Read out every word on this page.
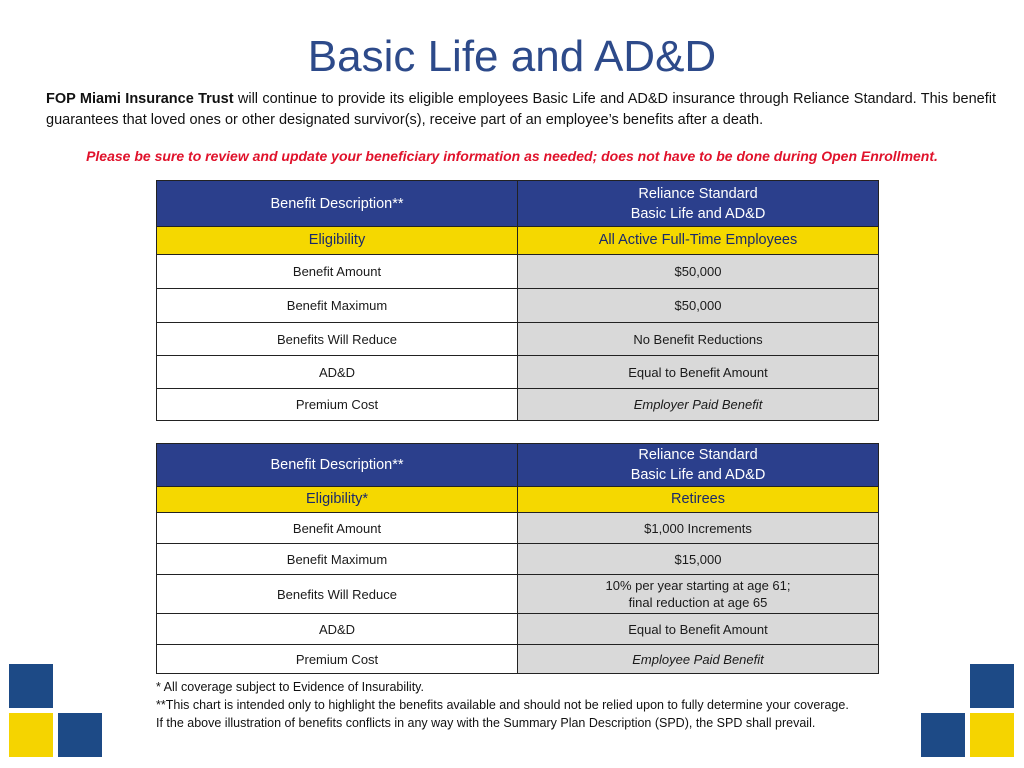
Basic Life and AD&D
FOP Miami Insurance Trust will continue to provide its eligible employees Basic Life and AD&D insurance through Reliance Standard. This benefit guarantees that loved ones or other designated survivor(s), receive part of an employee’s benefits after a death.
Please be sure to review and update your beneficiary information as needed; does not have to be done during Open Enrollment.
Benefit Description**	Reliance Standard
Basic Life and AD&D

Eligibility	All Active Full-Time Employees
Benefit Amount	$50,000
Benefit Maximum	$50,000
Benefits Will Reduce	No Benefit Reductions
AD&D	Equal to Benefit Amount
Premium Cost	Employer Paid Benefit
Benefit Description**	Reliance Standard
Basic Life and AD&D

Eligibility*	Retirees
Benefit Amount	$1,000 Increments
Benefit Maximum	$15,000
Benefits Will Reduce	10% per year starting at age 61;
final reduction at age 65

AD&D	Equal to Benefit Amount
Premium Cost	Employee Paid Benefit
* All coverage subject to Evidence of Insurability.
**This chart is intended only to highlight the benefits available and should not be relied upon to fully determine your coverage.
If the above illustration of benefits conflicts in any way with the Summary Plan Description (SPD), the SPD shall prevail.
